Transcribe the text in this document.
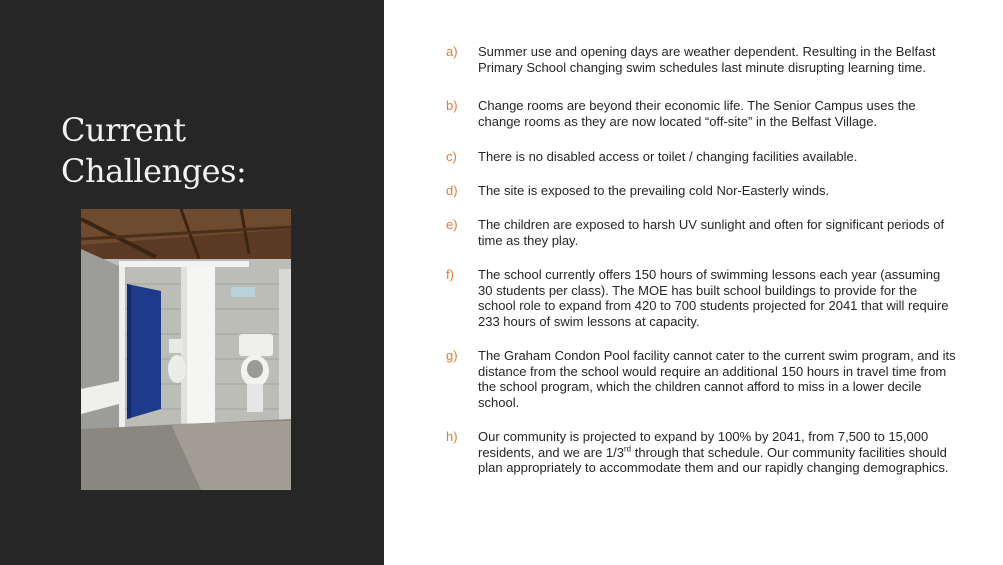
Current
Challenges:
a) Summer use and opening days are weather dependent. Resulting in the Belfast Primary School changing swim schedules last minute disrupting learning time.
b) Change rooms are beyond their economic life. The Senior Campus uses the change rooms as they are now located “off-site” in the Belfast Village.
c) There is no disabled access or toilet / changing facilities available.
d) The site is exposed to the prevailing cold Nor-Easterly winds.
e) The children are exposed to harsh UV sunlight and often for significant periods of time as they play.
f) The school currently offers 150 hours of swimming lessons each year (assuming 30 students per class). The MOE has built school buildings to provide for the school role to expand from 420 to 700 students projected for 2041 that will require 233 hours of swim lessons at capacity.
g) The Graham Condon Pool facility cannot cater to the current swim program, and its distance from the school would require an additional 150 hours in travel time from the school program, which the children cannot afford to miss in a lower decile school.
h) Our community is projected to expand by 100% by 2041, from 7,500 to 15,000 residents, and we are 1/3rd through that schedule. Our community facilities should plan appropriately to accommodate them and our rapidly changing demographics.
